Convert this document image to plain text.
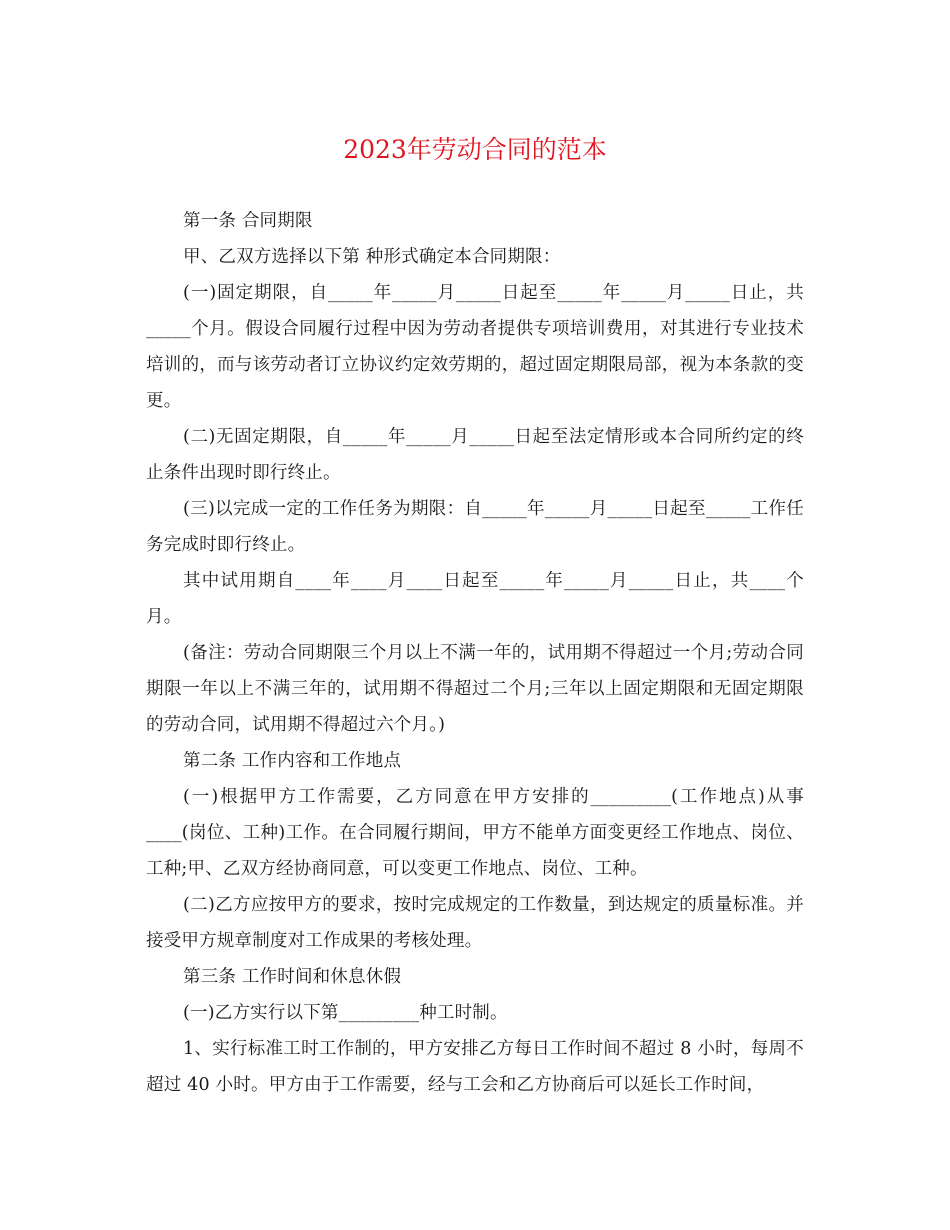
2023年劳动合同的范本

第一条 合同期限

甲、乙双方选择以下第 种形式确定本合同期限：

(一)固定期限，自_____年_____月_____日起至_____年_____月_____日止，共_____个月。假设合同履行过程中因为劳动者提供专项培训费用，对其进行专业技术培训的，而与该劳动者订立协议约定效劳期的，超过固定期限局部，视为本条款的变更。

(二)无固定期限，自_____年_____月_____日起至法定情形或本合同所约定的终止条件出现时即行终止。

(三)以完成一定的工作任务为期限：自_____年_____月_____日起至_____工作任务完成时即行终止。

其中试用期自____年____月____日起至_____年_____月_____日止，共____个月。

(备注：劳动合同期限三个月以上不满一年的，试用期不得超过一个月;劳动合同期限一年以上不满三年的，试用期不得超过二个月;三年以上固定期限和无固定期限的劳动合同，试用期不得超过六个月。)

第二条 工作内容和工作地点

(一)根据甲方工作需要，乙方同意在甲方安排的_________(工作地点)从事____(岗位、工种)工作。在合同履行期间，甲方不能单方面变更经工作地点、岗位、工种;甲、乙双方经协商同意，可以变更工作地点、岗位、工种。

(二)乙方应按甲方的要求，按时完成规定的工作数量，到达规定的质量标准。并接受甲方规章制度对工作成果的考核处理。

第三条 工作时间和休息休假

(一)乙方实行以下第_________种工时制。

1、实行标准工时工作制的，甲方安排乙方每日工作时间不超过 8 小时，每周不超过 40 小时。甲方由于工作需要，经与工会和乙方协商后可以延长工作时间，
